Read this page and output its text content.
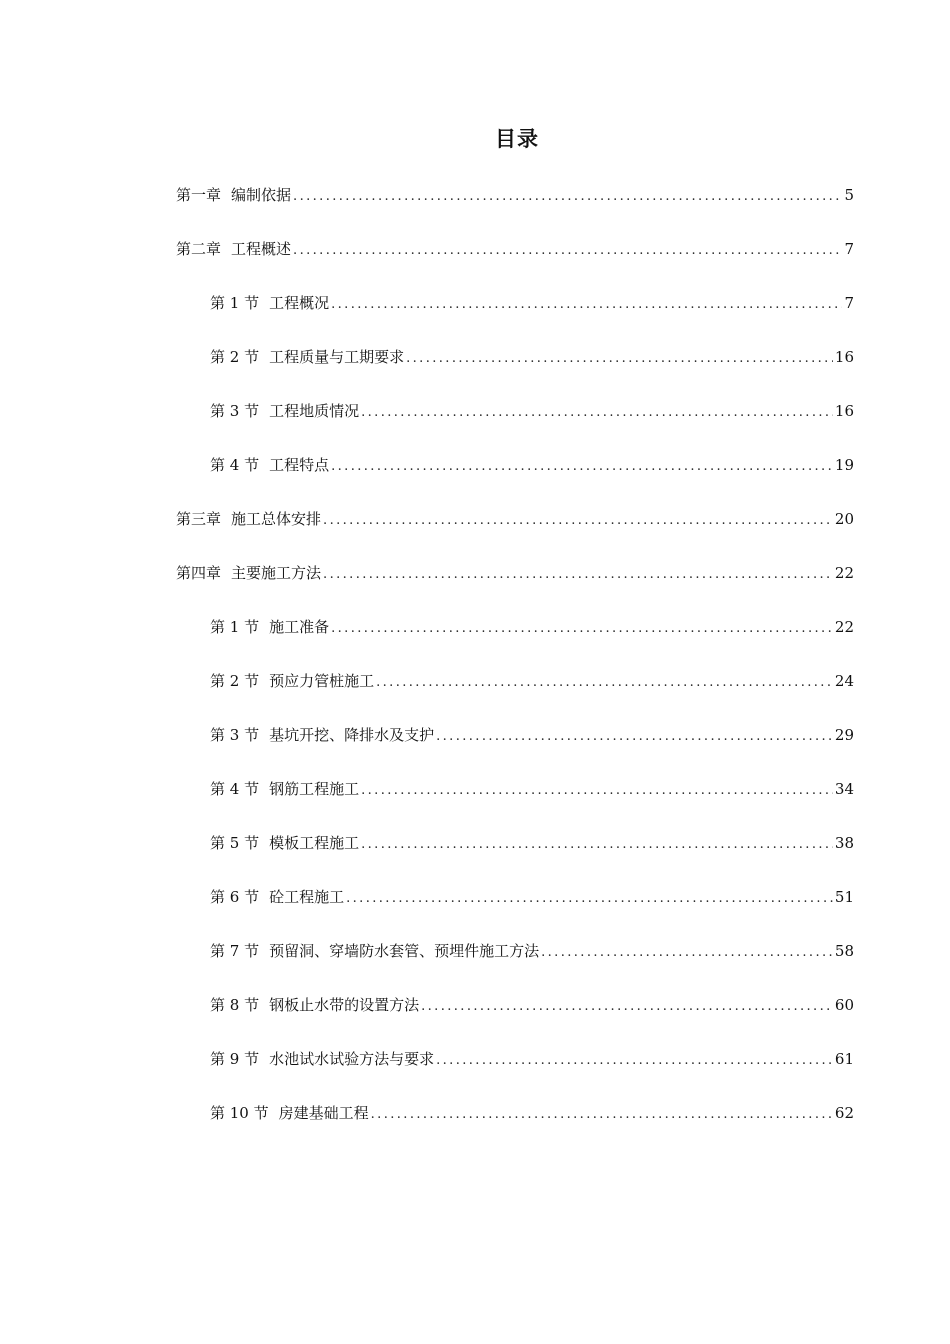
目录
第一章 编制依据 .....	5
第二章 工程概述 .....	7
第 1 节 工程概况 .....	7
第 2 节 工程质量与工期要求 .....	16
第 3 节 工程地质情况 .....	16
第 4 节 工程特点 .....	19
第三章 施工总体安排 .....	20
第四章 主要施工方法 .....	22
第 1 节 施工准备 .....	22
第 2 节 预应力管桩施工 .....	24
第 3 节 基坑开挖、降排水及支护 .....	29
第 4 节 钢筋工程施工 .....	34
第 5 节 模板工程施工 .....	38
第 6 节 砼工程施工 .....	51
第 7 节 预留洞、穿墙防水套管、预埋件施工方法 .....	58
第 8 节 钢板止水带的设置方法 .....	60
第 9 节 水池试水试验方法与要求 .....	61
第 10 节 房建基础工程 .....	62
